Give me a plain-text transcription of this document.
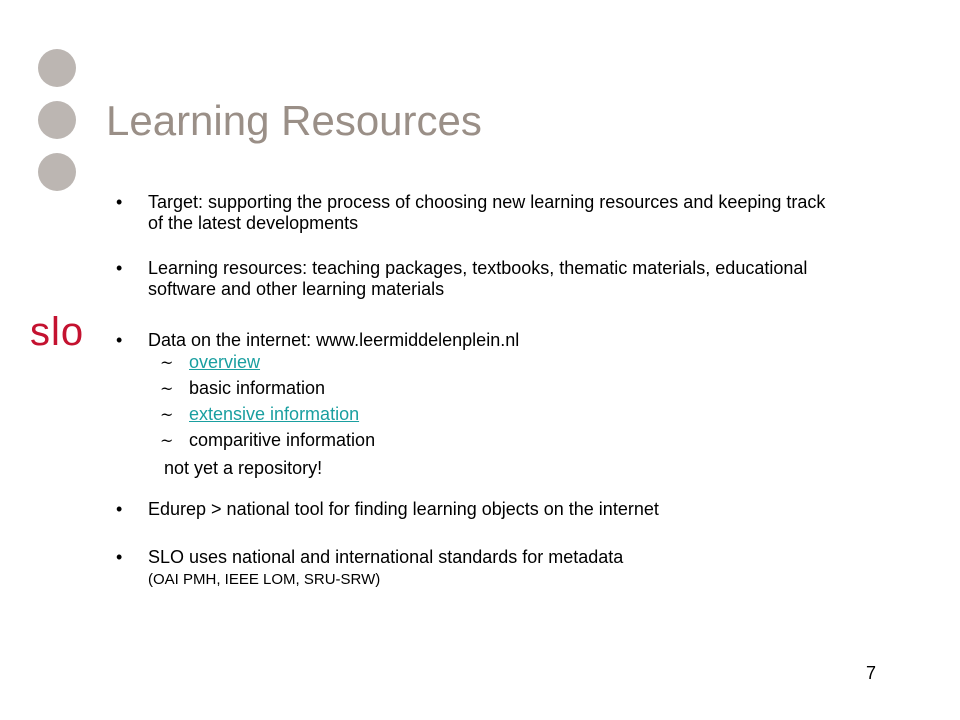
slo
Learning Resources
• Target: supporting the process of choosing new learning resources and keeping track of the latest developments
• Learning resources: teaching packages, textbooks, thematic materials, educational software and other learning materials
• Data on the internet: www.leermiddelenplein.nl
~ overview
~ basic information
~ extensive information
~ comparitive information
not yet a repository!
• Edurep > national tool for finding learning objects on the internet
• SLO uses national and international standards for metadata
(OAI PMH, IEEE LOM, SRU-SRW)
7
